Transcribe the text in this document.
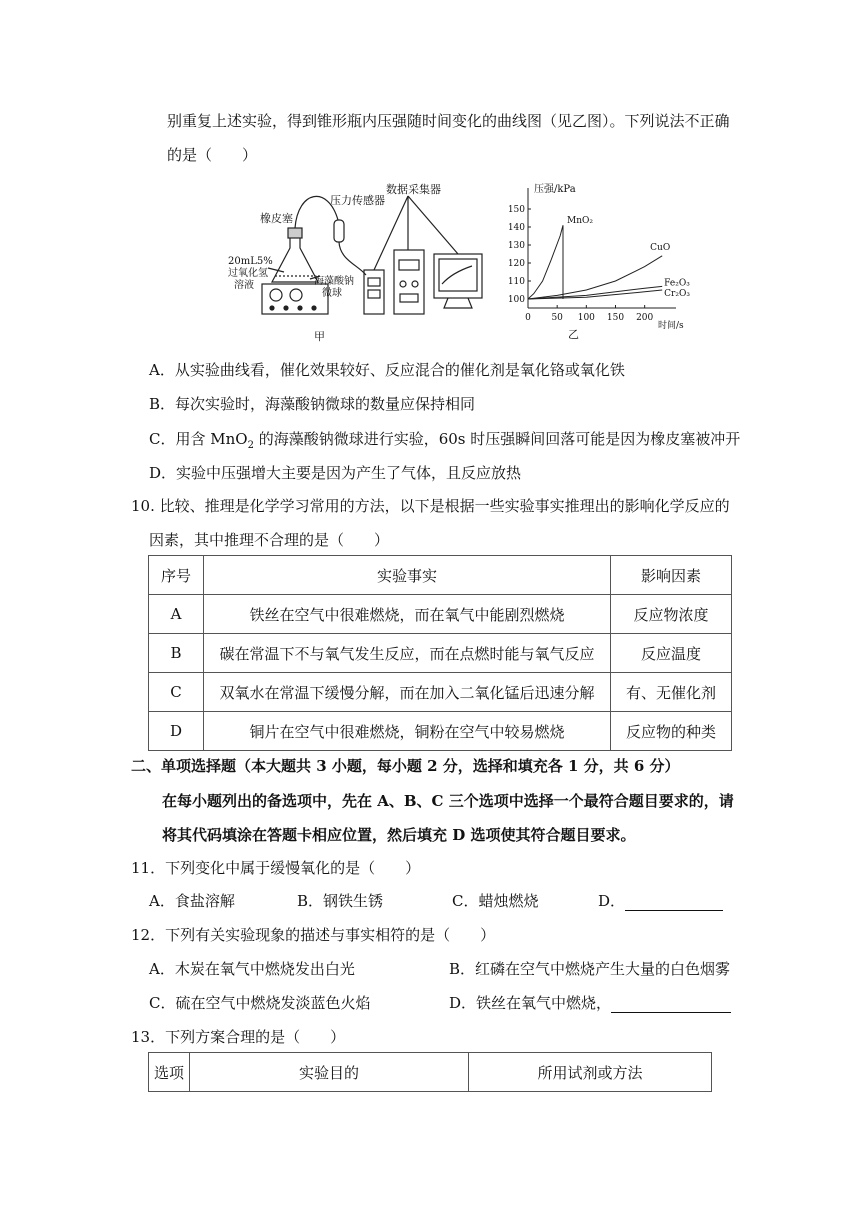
别重复上述实验，得到锥形瓶内压强随时间变化的曲线图（见乙图）。下列说法不正确
的是（　　）
橡皮塞
压力传感器
数据采集器
20mL5%
过氧化氢
溶液	海藻酸钠
微球
甲
压强/kPa
时间/s
100
110
120
130
140
150
0 50 100 150 200
MnO₂
CuO
Fe₂O₃
Cr₂O₃
乙
A．从实验曲线看，催化效果较好、反应混合的催化剂是氧化铬或氧化铁
B．每次实验时，海藻酸钠微球的数量应保持相同
C．用含 MnO$_2$ 的海藻酸钠微球进行实验，60s 时压强瞬间回落可能是因为橡皮塞被冲开
D．实验中压强增大主要是因为产生了气体，且反应放热
10. 比较、推理是化学学习常用的方法，以下是根据一些实验事实推理出的影响化学反应的
因素，其中推理不合理的是（　　）
序号	实验事实	影响因素
A	铁丝在空气中很难燃烧，而在氧气中能剧烈燃烧	反应物浓度
B	碳在常温下不与氧气发生反应，而在点燃时能与氧气反应	反应温度
C	双氧水在常温下缓慢分解，而在加入二氧化锰后迅速分解	有、无催化剂
D	铜片在空气中很难燃烧，铜粉在空气中较易燃烧	反应物的种类
二、单项选择题（本大题共 3 小题，每小题 2 分，选择和填充各 1 分，共 6 分）
在每小题列出的备选项中，先在 A、B、C 三个选项中选择一个最符合题目要求的，请
将其代码填涂在答题卡相应位置，然后填充 D 选项使其符合题目要求。
11．下列变化中属于缓慢氧化的是（　　）
A．食盐溶解	B．钢铁生锈	C．蜡烛燃烧	D．
12．下列有关实验现象的描述与事实相符的是（　　）
A．木炭在氧气中燃烧发出白光	B．红磷在空气中燃烧产生大量的白色烟雾
C．硫在空气中燃烧发淡蓝色火焰	D．铁丝在氧气中燃烧，
13．下列方案合理的是（　　）
选项	实验目的	所用试剂或方法
